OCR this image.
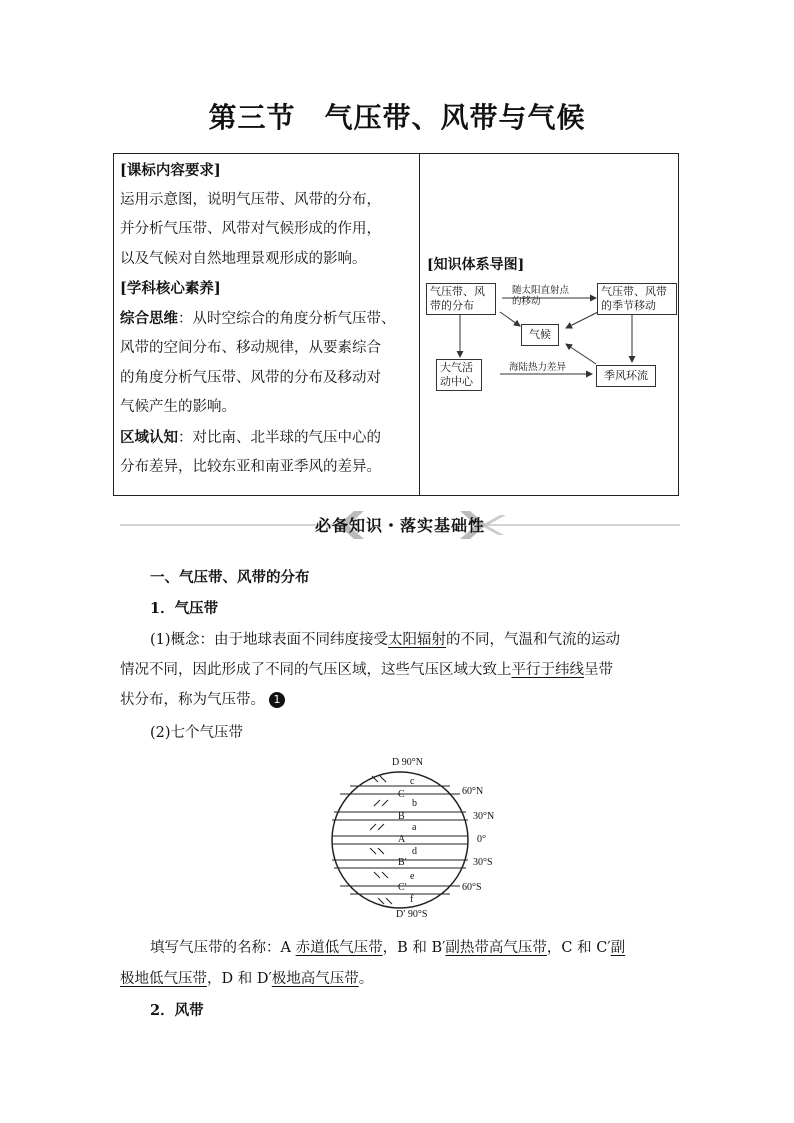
第三节　气压带、风带与气候
[课标内容要求]
运用示意图，说明气压带、风带的分布，
并分析气压带、风带对气候形成的作用，
以及气候对自然地理景观形成的影响。
[学科核心素养]
综合思维：从时空综合的角度分析气压带、
风带的空间分布、移动规律，从要素综合
的角度分析气压带、风带的分布及移动对
气候产生的影响。
区域认知：对比南、北半球的气压中心的
分布差异，比较东亚和南亚季风的差异。
[知识体系导图]
气压带、风
带的分布
气压带、风带
的季节移动
随太阳直射点
的移动
气候
大气活
动中心
海陆热力差异
季风环流
必备知识・落实基础性
一、气压带、风带的分布
1．气压带
(1)概念：由于地球表面不同纬度接受太阳辐射的不同，气温和气流的运动
情况不同，因此形成了不同的气压区域，这些气压区域大致上平行于纬线呈带
状分布，称为气压带。 1
(2)七个气压带
D 90°N
c
C
b
B
a
A
d
B′
e
C′
f
D′ 90°S
60°N
30°N
0°
30°S
60°S
填写气压带的名称：A 赤道低气压带，B 和 B′副热带高气压带，C 和 C′副
极地低气压带，D 和 D′极地高气压带。
2．风带
